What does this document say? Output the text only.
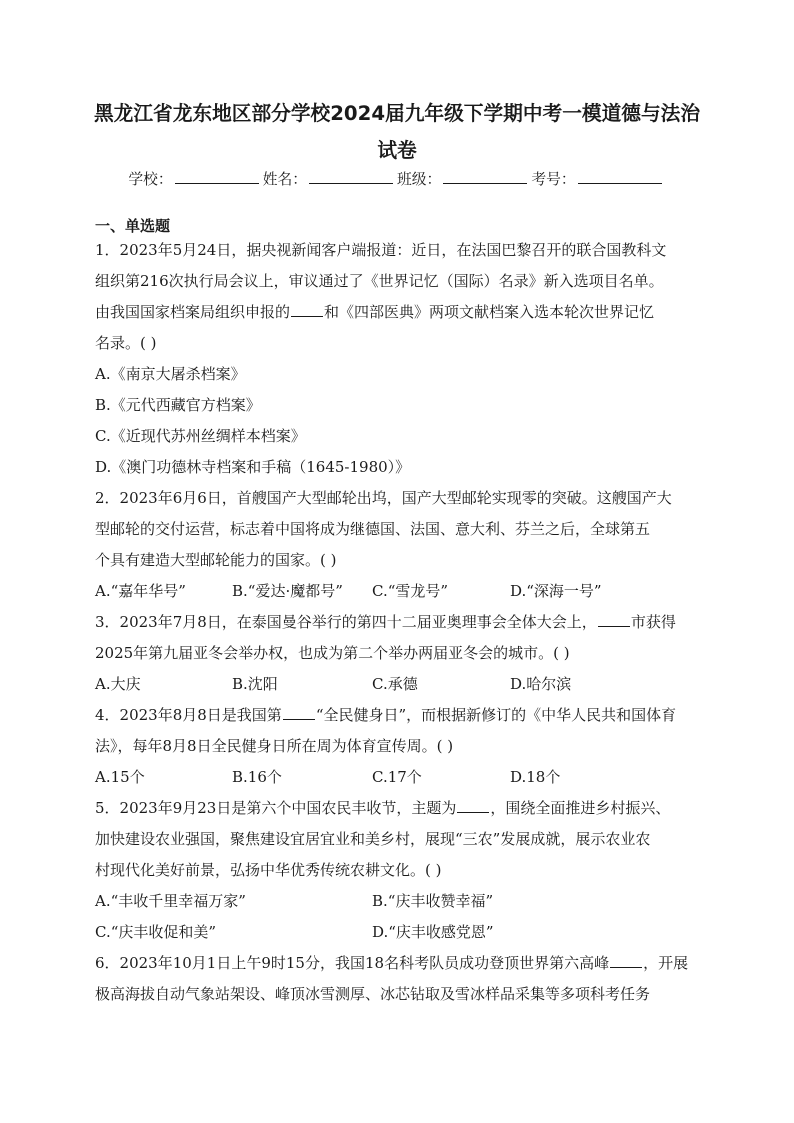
黑龙江省龙东地区部分学校2024届九年级下学期中考一模道德与法治
试卷
学校：	姓名：	班级：	考号：
一、单选题
1．2023年5月24日，据央视新闻客户端报道：近日，在法国巴黎召开的联合国教科文
组织第216次执行局会议上，审议通过了《世界记忆（国际）名录》新入选项目名单。
由我国国家档案局组织申报的 和《四部医典》两项文献档案入选本轮次世界记忆
名录。( )
A.《南京大屠杀档案》
B.《元代西藏官方档案》
C.《近现代苏州丝绸样本档案》
D.《澳门功德林寺档案和手稿（1645-1980）》
2．2023年6月6日，首艘国产大型邮轮出坞，国产大型邮轮实现零的突破。这艘国产大
型邮轮的交付运营，标志着中国将成为继德国、法国、意大利、芬兰之后，全球第五
个具有建造大型邮轮能力的国家。( )
A.“嘉年华号”	B.“爱达·魔都号” C.“雪龙号”	D.“深海一号”
3．2023年7月8日，在泰国曼谷举行的第四十二届亚奥理事会全体大会上， 市获得
2025年第九届亚冬会举办权，也成为第二个举办两届亚冬会的城市。( )
A.大庆	B.沈阳	C.承德	D.哈尔滨
4．2023年8月8日是我国第 “全民健身日”，而根据新修订的《中华人民共和国体育
法》，每年8月8日全民健身日所在周为体育宣传周。( )
A.15个	B.16个	C.17个	D.18个
5．2023年9月23日是第六个中国农民丰收节，主题为 ，围绕全面推进乡村振兴、
加快建设农业强国，聚焦建设宜居宜业和美乡村，展现“三农”发展成就，展示农业农
村现代化美好前景，弘扬中华优秀传统农耕文化。( )
A.“丰收千里幸福万家”	B.“庆丰收赞幸福”
C.“庆丰收促和美”	D.“庆丰收感党恩”
6．2023年10月1日上午9时15分，我国18名科考队员成功登顶世界第六高峰 ，开展
极高海拔自动气象站架设、峰顶冰雪测厚、冰芯钻取及雪冰样品采集等多项科考任务
